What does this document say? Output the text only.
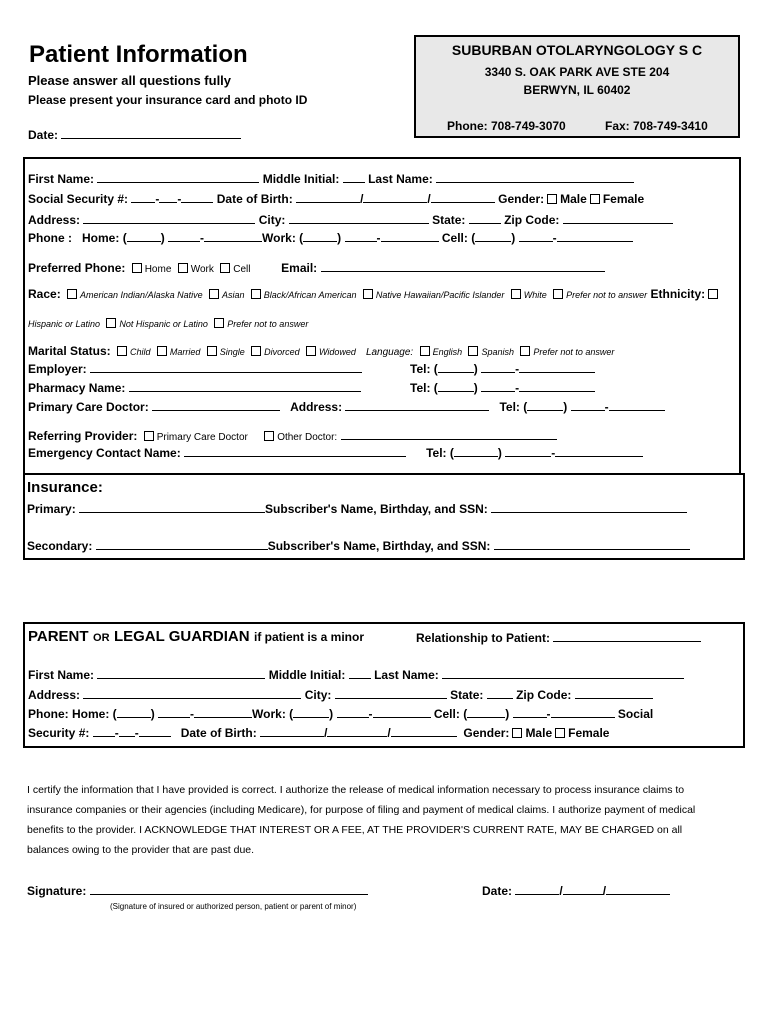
Patient Information
Please answer all questions fully
Please present your insurance card and photo ID
Date:
SUBURBAN OTOLARYNGOLOGY S C
3340 S. OAK PARK AVE STE 204
BERWYN, IL 60402
Phone: 708-749-3070	Fax: 708-749-3410
First Name:	Middle Initial: Last Name:
Social Security #: - -	Date of Birth:	/	/	Gender: Male Female
Address:	City:	State:	Zip Code:
Phone : Home: (	)	-	Work: (	)	-	Cell: (	)	-
Preferred Phone: Home Work Cell	Email:
Race: American Indian/Alaska Native Asian Black/African American Native Hawaiian/Pacific Islander White Prefer not to answer Ethnicity:
Hispanic or Latino Not Hispanic or Latino Prefer not to answer
Marital Status: Child Married Single Divorced Widowed Language: English Spanish Prefer not to answer
Employer:	Tel: (	)	-
Pharmacy Name:	Tel: (	)	-
Primary Care Doctor:	Address:	Tel: (	)	-
Referring Provider: Primary Care Doctor	Other Doctor:
Emergency Contact Name:	Tel: (	)	-
Insurance:
Primary:	Subscriber's Name, Birthday, and SSN:
Secondary:	Subscriber's Name, Birthday, and SSN:
PARENT OR LEGAL GUARDIAN if patient is a minor	Relationship to Patient:
First Name:	Middle Initial: Last Name:
Address:	City:	State:	Zip Code:
Phone: Home: (	)	-	Work: (	)	-	Cell: (	)	-	Social
Security #: - -	Date of Birth:	/	/	Gender: Male Female
I certify the information that I have provided is correct. I authorize the release of medical information necessary to process insurance claims to insurance companies or their agencies (including Medicare), for purpose of filing and payment of medical claims. I authorize payment of medical benefits to the provider. I ACKNOWLEDGE THAT INTEREST OR A FEE, AT THE PROVIDER'S CURRENT RATE, MAY BE CHARGED on all balances owing to the provider that are past due.
Signature:	Date:	/	/
(Signature of insured or authorized person, patient or parent of minor)
